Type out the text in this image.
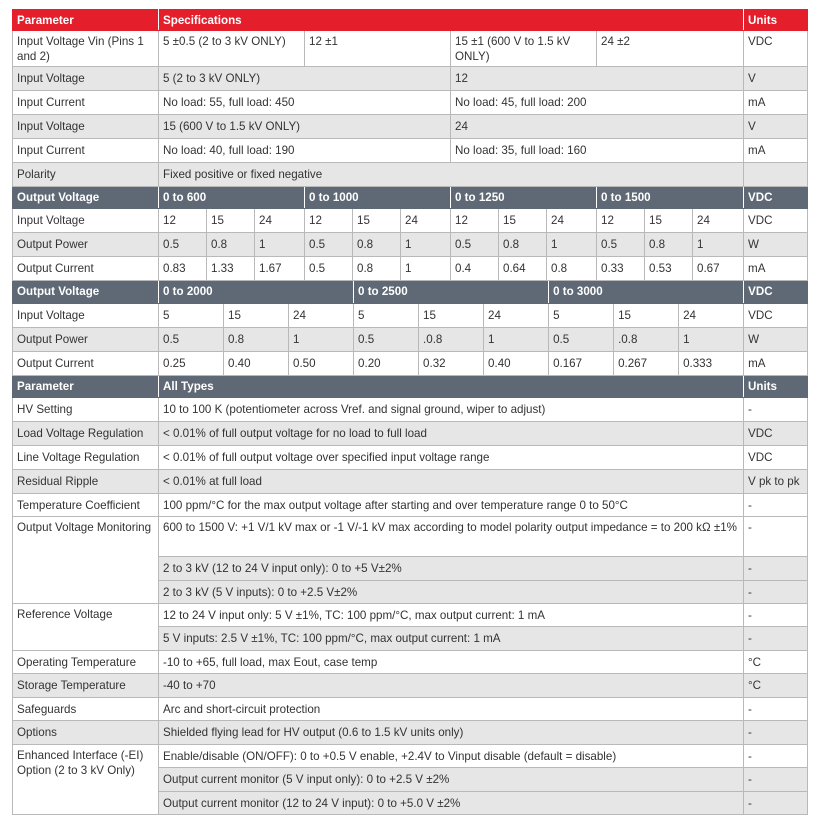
Parameter	Specifications												Units
Input Voltage Vin (Pins 1 and 2)	5 ±0.5 (2 to 3 kV ONLY)			12 ±1			15 ±1 (600 V to 1.5 kV ONLY)			24 ±2			VDC
Input Voltage	5 (2 to 3 kV ONLY)						12						V
Input Current	No load: 55, full load: 450						No load: 45, full load: 200						mA
Input Voltage	15 (600 V to 1.5 kV ONLY)						24						V
Input Current	No load: 40, full load: 190						No load: 35, full load: 160						mA
Polarity	Fixed positive or fixed negative												
Output Voltage	0 to 600			0 to 1000			0 to 1250			0 to 1500			VDC
Input Voltage	12	15	24	12	15	24	12	15	24	12	15	24	VDC
Output Power	0.5	0.8	1	0.5	0.8	1	0.5	0.8	1	0.5	0.8	1	W
Output Current	0.83	1.33	1.67	0.5	0.8	1	0.4	0.64	0.8	0.33	0.53	0.67	mA
Output Voltage	0 to 2000			0 to 2500			0 to 3000			VDC
Input Voltage	5	15	24	5	15	24	5	15	24	VDC
Output Power	0.5	0.8	1	0.5	.0.8	1	0.5	.0.8	1	W
Output Current	0.25	0.40	0.50	0.20	0.32	0.40	0.167	0.267	0.333	mA
Parameter	All Types	Units
HV Setting	10 to 100 K (potentiometer across Vref. and signal ground, wiper to adjust)	-
Load Voltage Regulation	< 0.01% of full output voltage for no load to full load	VDC
Line Voltage Regulation	< 0.01% of full output voltage over specified input voltage range	VDC
Residual Ripple	< 0.01% at full load	V pk to pk
Temperature Coefficient	100 ppm/°C for the max output voltage after starting and over temperature range 0 to 50°C	-
Output Voltage Monitoring	600 to 1500 V: +1 V/1 kV max or -1 V/-1 kV max according to model polarity output impedance = to 200 kΩ ±1%	-
	2 to 3 kV (12 to 24 V input only): 0 to +5 V±2%	-
	2 to 3 kV (5 V inputs): 0 to +2.5 V±2%	-
Reference Voltage	12 to 24 V input only: 5 V ±1%, TC: 100 ppm/°C, max output current: 1 mA	-
	5 V inputs: 2.5 V ±1%, TC: 100 ppm/°C, max output current: 1 mA	-
Operating Temperature	-10 to +65, full load, max Eout, case temp	°C
Storage Temperature	-40 to +70	°C
Safeguards	Arc and short-circuit protection	-
Options	Shielded flying lead for HV output (0.6 to 1.5 kV units only)	-
Enhanced Interface (-EI) Option (2 to 3 kV Only)	Enable/disable (ON/OFF): 0 to +0.5 V enable, +2.4V to Vinput disable (default = disable)	-
	Output current monitor (5 V input only): 0 to +2.5 V ±2%	-
	Output current monitor (12 to 24 V input): 0 to +5.0 V ±2%	-
